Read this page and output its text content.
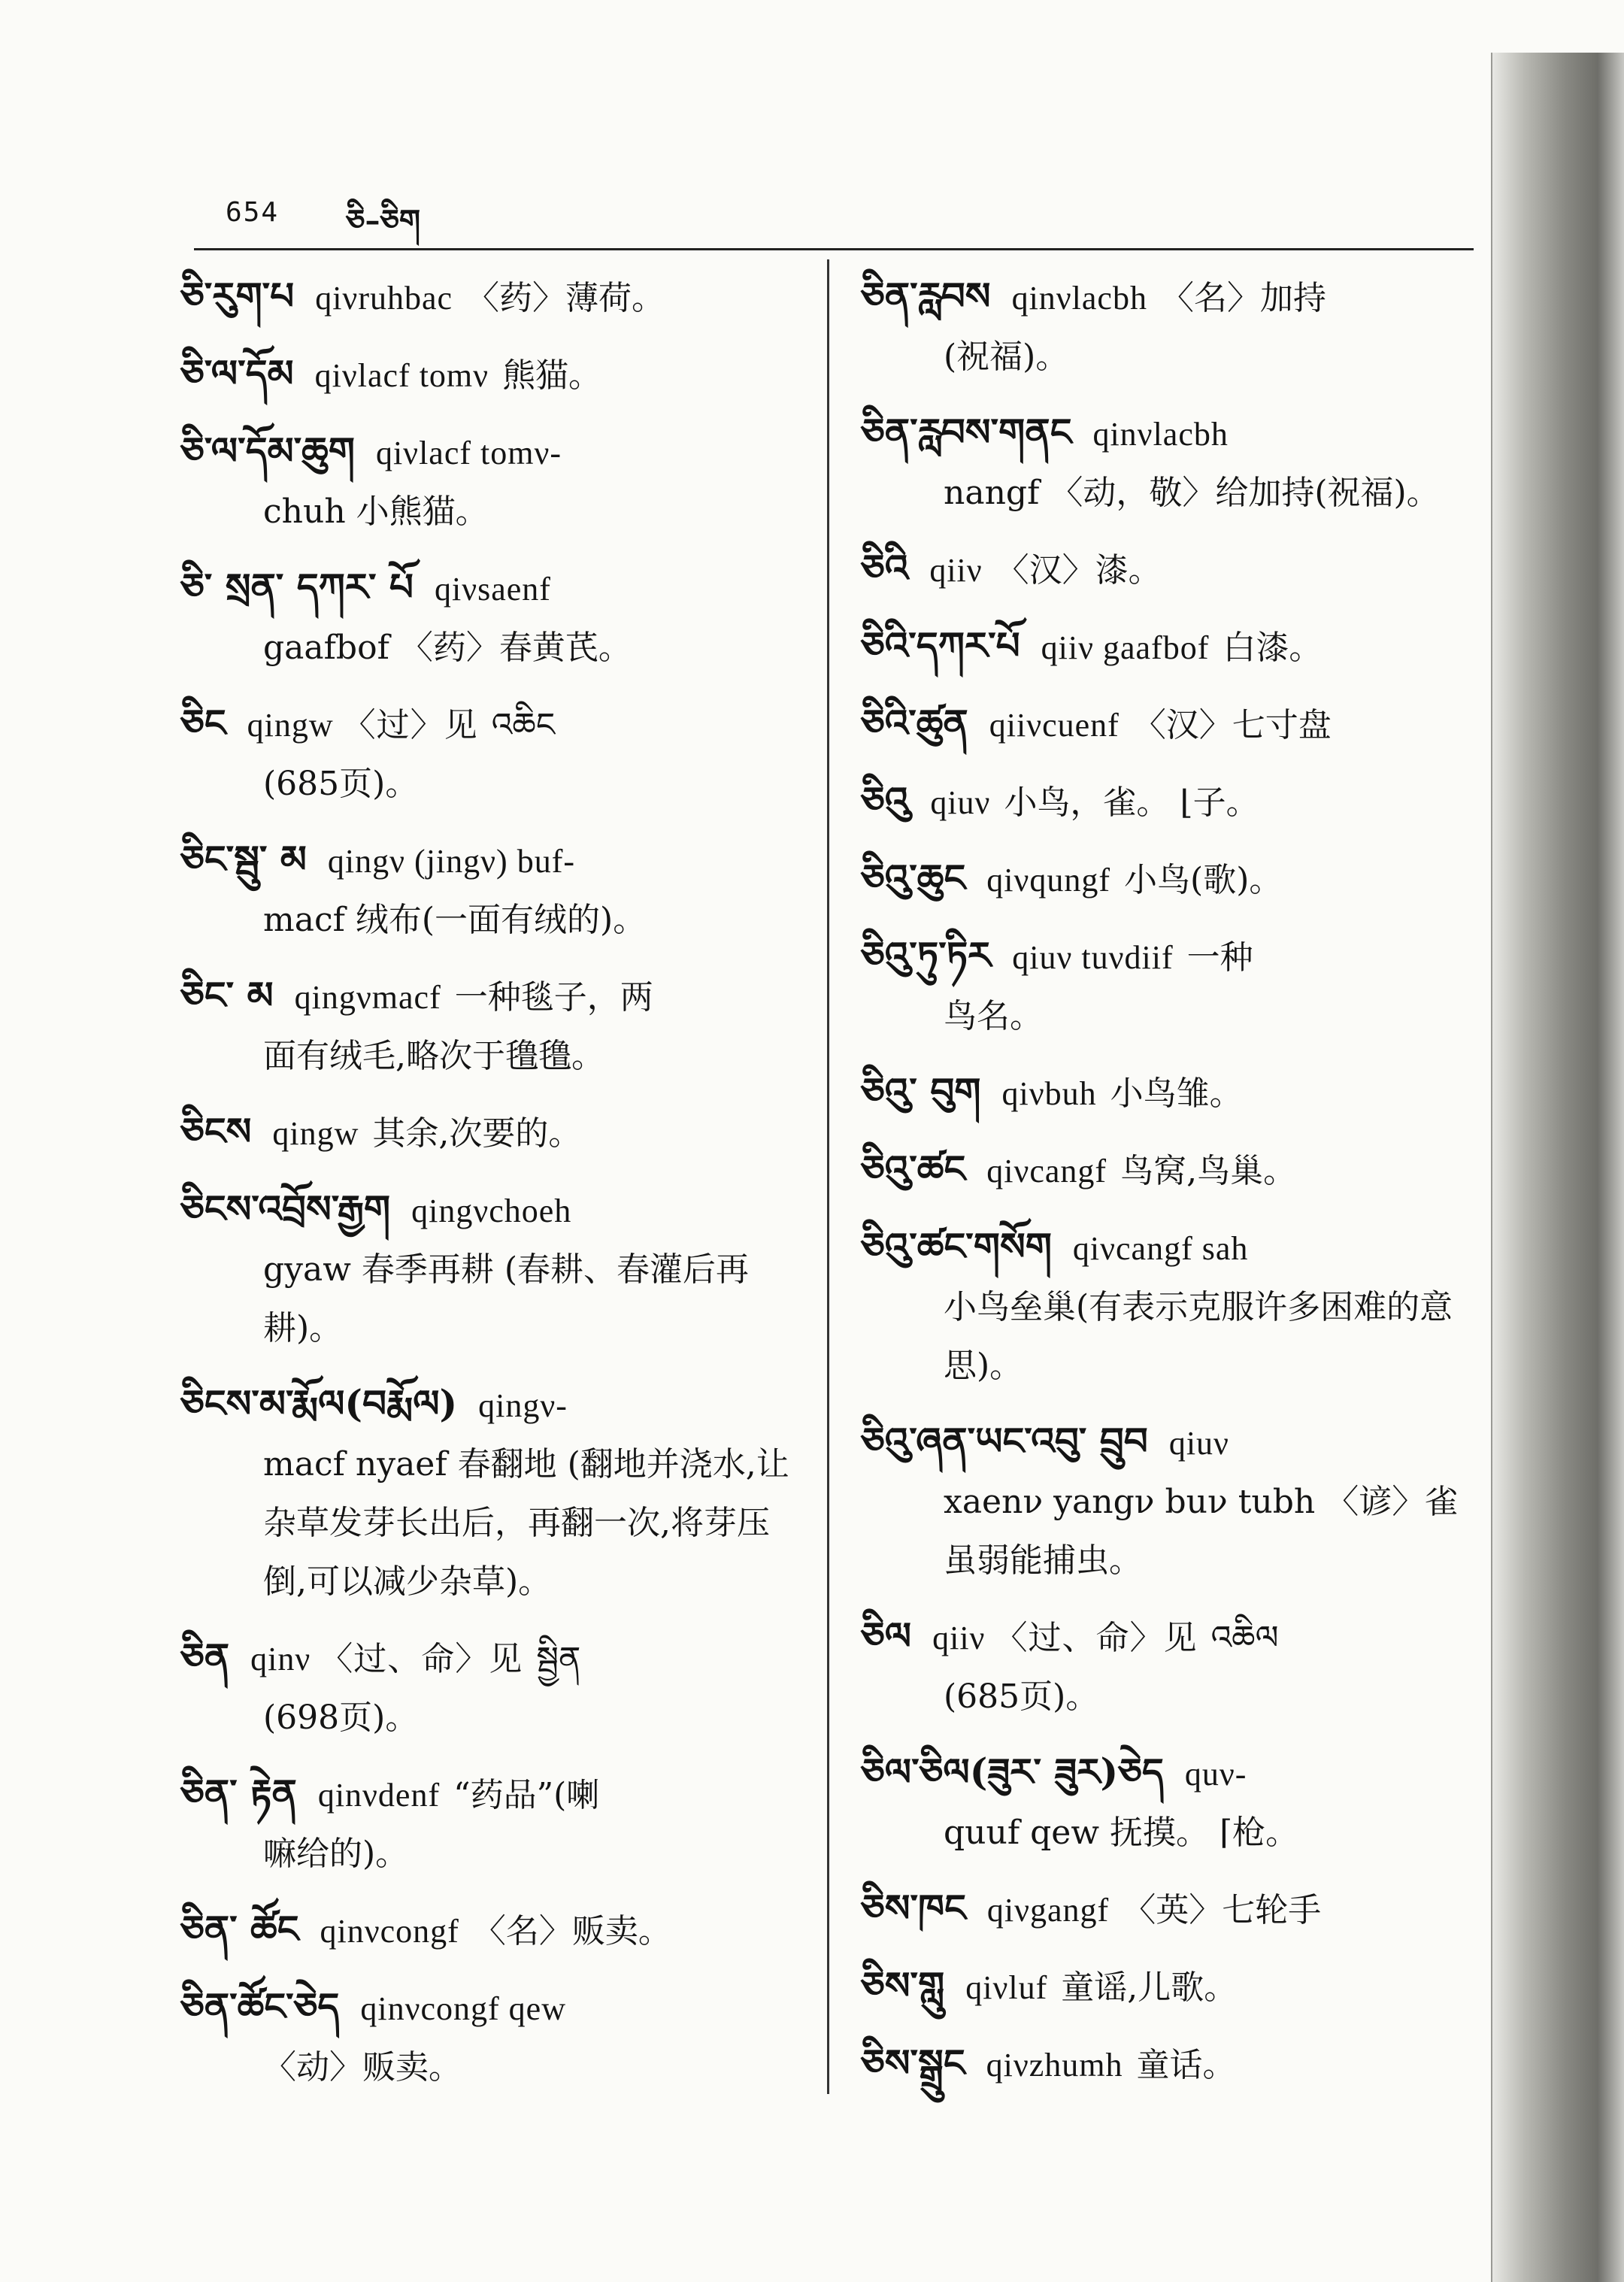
654 ཅི–ཅིག
ཅི་རུག་པ qiνruhbac 〈药〉薄荷。
ཅི་ལ་དོམ qiνlacf tomν 熊猫。
ཅི་ལ་དོམ་ཆུག qiνlacf tomν-
chuh 小熊猫。
ཅི་ སྲན་ དཀར་ པོ qiνsaenf
gaafbof 〈药〉春黄芪。
ཅིང qingw 〈过〉见 འཆིང
(685页)。
ཅིང་སྦུ་ མ qingν (jingν) buf-
macf 绒布(一面有绒的)。
ཅིང་ མ qingνmacf 一种毯子，两
面有绒毛,略次于氇氇。
ཅིངས qingw 其余,次要的。
ཅིངས་འབྲོས་རྒྱག qingνchoeh
gyaw 春季再耕 (春耕、春灌后再耕)。
ཅིངས་མ་རྨོལ(བརྨོལ) qingν-
macf nyaef 春翻地 (翻地并浇水,让杂草发芽长出后，再翻一次,将芽压倒,可以减少杂草)。
ཅིན qinν 〈过、命〉见 སྦྱིན
(698页)。
ཅིན་ རྟེན qinνdenf “药品”(喇
嘛给的)。
ཅིན་ ཚོང qinνcongf 〈名〉贩卖。
ཅིན་ཚོང་ཅེད qinνcongf qew
〈动〉贩卖。
ཅིན་རླབས qinνlacbh 〈名〉加持
(祝福)。
ཅིན་རླབས་གནང qinνlacbh
nangf 〈动，敬〉给加持(祝福)。
ཅིའི qiiν 〈汉〉漆。
ཅིའི་དཀར་པོ qiiν gaafbof 白漆。
ཅིའི་ཚུན qiiνcuenf 〈汉〉七寸盘
ཅིའུ qiuν 小鸟，雀。 ⌊子。
ཅིའུ་ཆུང qiνqungf 小鸟(歌)。
ཅིའུ་ཏུ་ཏིར qiuν tuνdiif 一种
鸟名。
ཅིའུ་ བུག qiνbuh 小鸟雏。
ཅིའུ་ཚང qiνcangf 鸟窝,鸟巢。
ཅིའུ་ཚང་གསོག qiνcangf sah
小鸟垒巢(有表示克服许多困难的意思)。
ཅིའུ་ཞན་ཡང་འབུ་ བྲུབ qiuν
xaenν yangν buν tubh 〈谚〉雀虽弱能捕虫。
ཅིལ qiiν 〈过、命〉见 འཆིལ
(685页)。
ཅིལ་ཅིལ(ཟུར་ ཟུར)ཅེད quν-
quuf qew 抚摸。 ⌈枪。
ཅིས་ཁང qiνgangf 〈英〉七轮手
ཅིས་གླུ qiνluf 童谣,儿歌。
ཅིས་སྒྲུང qiνzhumh 童话。
